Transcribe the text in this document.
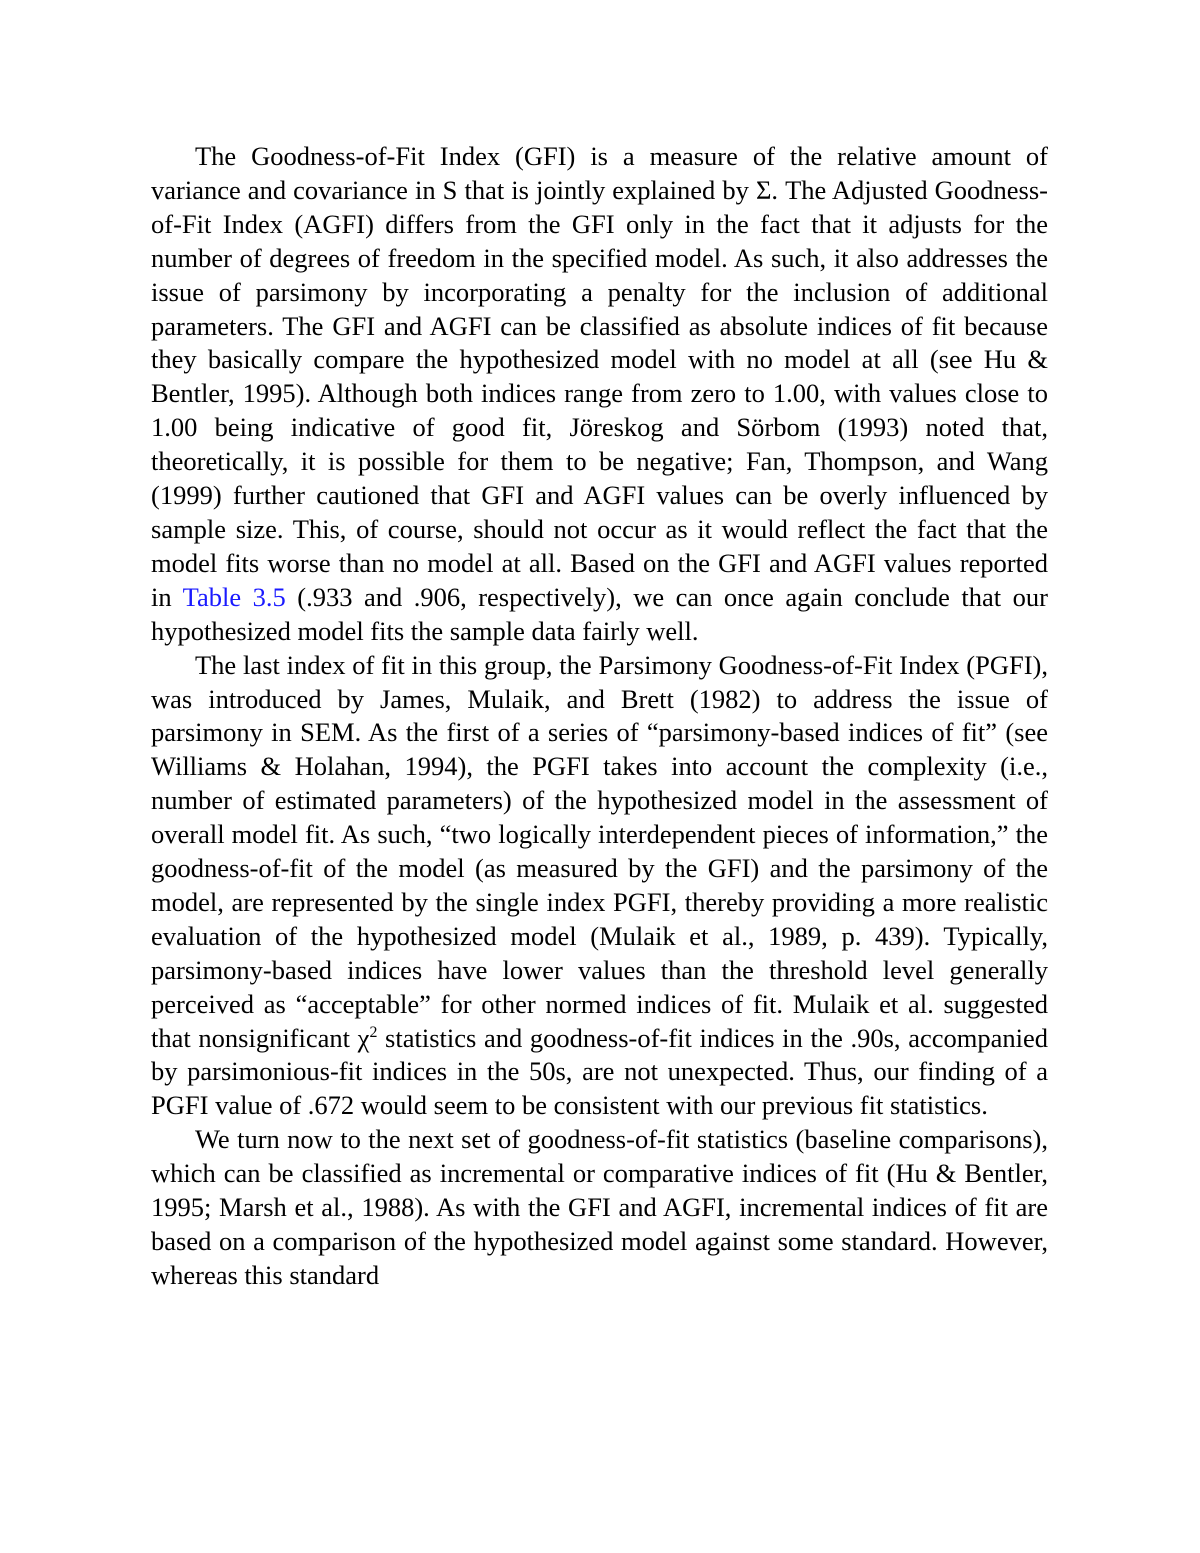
The Goodness-of-Fit Index (GFI) is a measure of the relative amount of variance and covariance in S that is jointly explained by Σ. The Adjusted Goodness-of-Fit Index (AGFI) differs from the GFI only in the fact that it adjusts for the number of degrees of freedom in the specified model. As such, it also addresses the issue of parsimony by incorporating a penalty for the inclusion of additional parameters. The GFI and AGFI can be classified as absolute indices of fit because they basically compare the hypothesized model with no model at all (see Hu & Bentler, 1995). Although both indices range from zero to 1.00, with values close to 1.00 being indicative of good fit, Jöreskog and Sörbom (1993) noted that, theoretically, it is possible for them to be negative; Fan, Thompson, and Wang (1999) further cautioned that GFI and AGFI values can be overly influenced by sample size. This, of course, should not occur as it would reflect the fact that the model fits worse than no model at all. Based on the GFI and AGFI values reported in Table 3.5 (.933 and .906, respectively), we can once again conclude that our hypothesized model fits the sample data fairly well.

The last index of fit in this group, the Parsimony Goodness-of-Fit Index (PGFI), was introduced by James, Mulaik, and Brett (1982) to address the issue of parsimony in SEM. As the first of a series of “parsimony-based indices of fit” (see Williams & Holahan, 1994), the PGFI takes into account the complexity (i.e., number of estimated parameters) of the hypothesized model in the assessment of overall model fit. As such, “two logically interdependent pieces of information,” the goodness-of-fit of the model (as measured by the GFI) and the parsimony of the model, are represented by the single index PGFI, thereby providing a more realistic evaluation of the hypothesized model (Mulaik et al., 1989, p. 439). Typically, parsimony-based indices have lower values than the threshold level generally perceived as “acceptable” for other normed indices of fit. Mulaik et al. suggested that nonsignificant $\chi^2$ statistics and goodness-of-fit indices in the .90s, accompanied by parsimonious-fit indices in the 50s, are not unexpected. Thus, our finding of a PGFI value of .672 would seem to be consistent with our previous fit statistics.

We turn now to the next set of goodness-of-fit statistics (baseline comparisons), which can be classified as incremental or comparative indices of fit (Hu & Bentler, 1995; Marsh et al., 1988). As with the GFI and AGFI, incremental indices of fit are based on a comparison of the hypothesized model against some standard. However, whereas this standard
